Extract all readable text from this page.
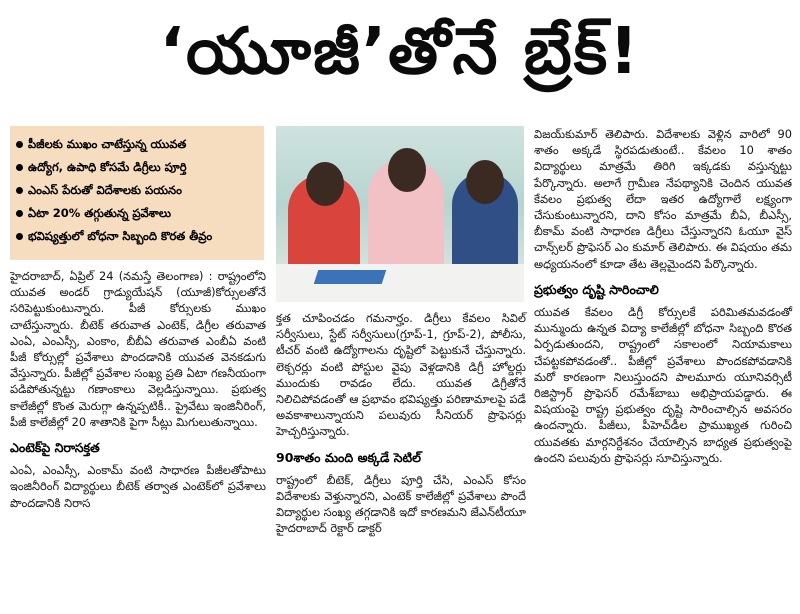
‘యూజీ’తోనే బ్రేక్!
పీజీలకు ముఖం చాటేస్తున్న యువత
ఉద్యోగ, ఉపాధి కోసమే డిగ్రీలు పూర్తి
ఎంఎస్ పేరుతో విదేశాలకు పయనం
ఏటా 20% తగ్గుతున్న ప్రవేశాలు
భవిష్యత్తులో బోధనా సిబ్బంది కొరత తీవ్రం

హైదరాబాద్, ఏప్రిల్ 24 (నమస్తే తెలంగాణ) : రాష్ట్రంలోని యువత అండర్ గ్రాడ్యుయేషన్ (యూజీ)కోర్సులతోనే సరిపెట్టుకుంటున్నారు. పీజీ కోర్సులకు ముఖం చాటేస్తున్నారు. బీటెక్ తరువాత ఎంటెక్, డిగ్రీల తరువాత ఎంఏ, ఎంఎస్సీ, ఎంకాం, బీబీఏ తరువాత ఎంబీఏ వంటి పీజీ కోర్సుల్లో ప్రవేశాలు పొందడానికి యువత వెనకడుగు వేస్తున్నారు. పీజీల్లో ప్రవేశాల సంఖ్య ప్రతి ఏటా గణనీయంగా పడిపోతున్నట్టు గణాంకాలు వెల్లడిస్తున్నాయి. ప్రభుత్వ కాలేజీల్లో కొంత మెరుగ్గా ఉన్నప్పటికీ.. ప్రైవేటు ఇంజినీరింగ్, పీజీ కాలేజీల్లో 20 శాతానికి పైగా సీట్లు మిగులుతున్నాయి.

ఎంటెక్‌పై నిరాసక్తత

ఎంఏ, ఎంఎస్సీ, ఎంకామ్ వంటి సాధారణ పీజీలతోపాటు ఇంజినీరింగ్ విద్యార్థులు బీటెక్ తర్వాత ఎంటెక్‌లో ప్రవేశాలు పొందడానికి నిరాస

క్తత చూపించడం గమనార్హం. డిగ్రీలు కేవలం సివిల్ సర్వీసులు, స్టేట్ సర్వీసులు(గ్రూప్-1, గ్రూప్-2), పోలీసు, టీచర్ వంటి ఉద్యోగాలను దృష్టిలో పెట్టుకునే చేస్తున్నారు. లెక్చరర్లు వంటి పోస్టుల వైపు వెళ్లడానికి డిగ్రీ హోల్డర్లు ముందుకు రావడం లేదు. యువత డిగ్రీతోనే నిలిచిపోవడంతో ఆ ప్రభావం భవిష్యత్తు పరిణామాలపై పడే అవకాశాలున్నాయని పలువురు సీనియర్ ప్రొఫెసర్లు హెచ్చరిస్తున్నారు.

90శాతం మంది అక్కడే సెటిల్

రాష్ట్రంలో బీటెక్, డిగ్రీలు పూర్తి చేసి, ఎంఎస్ కోసం విదేశాలకు వెళ్తున్నారని, ఎంటెక్ కాలేజీల్లో ప్రవేశాలు పొందే విద్యార్థుల సంఖ్య తగ్గడానికి ఇదో కారణమని జేఎన్‌టీయూ హైదరాబాద్ రెక్టార్ డాక్టర్

విజయ్‌కుమార్ తెలిపారు. విదేశాలకు వెళ్లిన వారిలో 90 శాతం అక్కడే స్థిరపడుతుంటే.. కేవలం 10 శాతం విద్యార్థులు మాత్రమే తిరిగి ఇక్కడకు వస్తున్నట్టు పేర్కొన్నారు. అలాగే గ్రామీణ నేపథ్యానికి చెందిన యువత కేవలం ప్రభుత్వ లేదా ఇతర ఉద్యోగాలే లక్ష్యంగా చేసుకుంటున్నారని, దాని కోసం మాత్రమే బీఏ, బీఎస్సీ, బీకామ్ వంటి సాధారణ డిగ్రీలు చేస్తున్నారని ఓయూ వైస్ చాన్స్‌లర్ ప్రొఫెసర్ ఎం కుమార్ తెలిపారు. ఈ విషయం తమ అధ్యయనంలో కూడా తేట తెల్లమైందని పేర్కొన్నారు.

ప్రభుత్వం దృష్టి సారించాలి

యువత కేవలం డిగ్రీ కోర్సులకే పరిమితమవడంతో మున్ముందు ఉన్నత విద్యా కాలేజీల్లో బోధనా సిబ్బంది కొరత ఏర్పడుతుందని, రాష్ట్రంలో సకాలంలో నియామకాలు చేపట్టకపోవడంతో.. పీజీల్లో ప్రవేశాలు పొందకపోవడానికి మరో కారణంగా నిలుస్తుందని పాలమూరు యూనివర్సిటీ రిజిస్ట్రార్ ప్రొఫెసర్ రమేశ్‌బాబు అభిప్రాయపడ్డారు. ఈ విషయంపై రాష్ట్ర ప్రభుత్వం దృష్టి సారించాల్సిన అవసరం ఉందన్నారు. పీజీలు, పీహెచ్‌డీల ప్రాముఖ్యత గురించి యువతకు మార్గనిర్దేశనం చేయాల్సిన బాధ్యత ప్రభుత్వంపై ఉందని పలువురు ప్రొఫెసర్లు సూచిస్తున్నారు.
